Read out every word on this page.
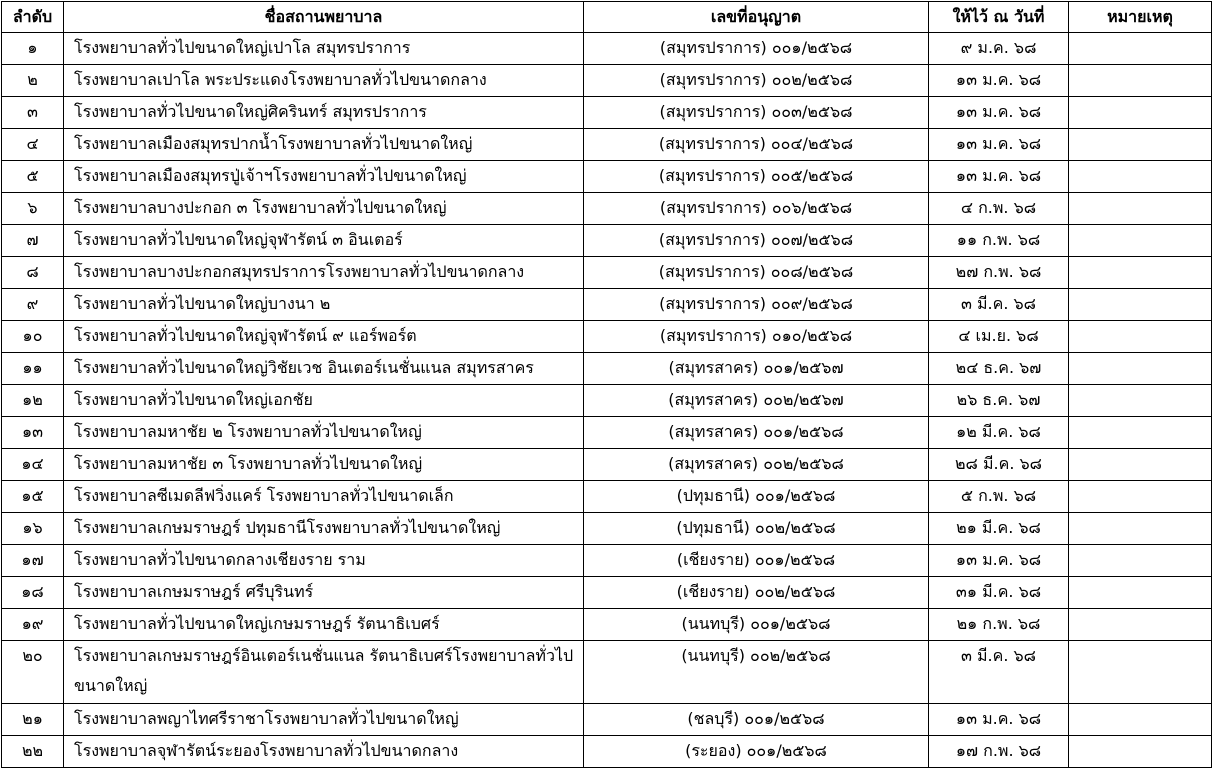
ลำดับ	ชื่อสถานพยาบาล	เลขที่อนุญาต	ให้ไว้ ณ วันที่	หมายเหตุ
๑	โรงพยาบาลทั่วไปขนาดใหญ่เปาโล สมุทรปราการ	(สมุทรปราการ) ๐๐๑/๒๕๖๘	๙ ม.ค. ๖๘	
๒	โรงพยาบาลเปาโล พระประแดงโรงพยาบาลทั่วไปขนาดกลาง	(สมุทรปราการ) ๐๐๒/๒๕๖๘	๑๓ ม.ค. ๖๘	
๓	โรงพยาบาลทั่วไปขนาดใหญ่ศิครินทร์ สมุทรปราการ	(สมุทรปราการ) ๐๐๓/๒๕๖๘	๑๓ ม.ค. ๖๘	
๔	โรงพยาบาลเมืองสมุทรปากน้ำโรงพยาบาลทั่วไปขนาดใหญ่	(สมุทรปราการ) ๐๐๔/๒๕๖๘	๑๓ ม.ค. ๖๘	
๕	โรงพยาบาลเมืองสมุทรปู่เจ้าฯโรงพยาบาลทั่วไปขนาดใหญ่	(สมุทรปราการ) ๐๐๕/๒๕๖๘	๑๓ ม.ค. ๖๘	
๖	โรงพยาบาลบางปะกอก ๓ โรงพยาบาลทั่วไปขนาดใหญ่	(สมุทรปราการ) ๐๐๖/๒๕๖๘	๔ ก.พ. ๖๘	
๗	โรงพยาบาลทั่วไปขนาดใหญ่จุฬารัตน์ ๓ อินเตอร์	(สมุทรปราการ) ๐๐๗/๒๕๖๘	๑๑ ก.พ. ๖๘	
๘	โรงพยาบาลบางปะกอกสมุทรปราการโรงพยาบาลทั่วไปขนาดกลาง	(สมุทรปราการ) ๐๐๘/๒๕๖๘	๒๗ ก.พ. ๖๘	
๙	โรงพยาบาลทั่วไปขนาดใหญ่บางนา ๒	(สมุทรปราการ) ๐๐๙/๒๕๖๘	๓ มี.ค. ๖๘	
๑๐	โรงพยาบาลทั่วไปขนาดใหญ่จุฬารัตน์ ๙ แอร์พอร์ต	(สมุทรปราการ) ๐๑๐/๒๕๖๘	๔ เม.ย. ๖๘	
๑๑	โรงพยาบาลทั่วไปขนาดใหญ่วิชัยเวช อินเตอร์เนชั่นแนล สมุทรสาคร	(สมุทรสาคร) ๐๐๑/๒๕๖๗	๒๔ ธ.ค. ๖๗	
๑๒	โรงพยาบาลทั่วไปขนาดใหญ่เอกชัย	(สมุทรสาคร) ๐๐๒/๒๕๖๗	๒๖ ธ.ค. ๖๗	
๑๓	โรงพยาบาลมหาชัย ๒ โรงพยาบาลทั่วไปขนาดใหญ่	(สมุทรสาคร) ๐๐๑/๒๕๖๘	๑๒ มี.ค. ๖๘	
๑๔	โรงพยาบาลมหาชัย ๓ โรงพยาบาลทั่วไปขนาดใหญ่	(สมุทรสาคร) ๐๐๒/๒๕๖๘	๒๘ มี.ค. ๖๘	
๑๕	โรงพยาบาลซีเมดลีฟวิ่งแคร์ โรงพยาบาลทั่วไปขนาดเล็ก	(ปทุมธานี) ๐๐๑/๒๕๖๘	๕ ก.พ. ๖๘	
๑๖	โรงพยาบาลเกษมราษฎร์ ปทุมธานีโรงพยาบาลทั่วไปขนาดใหญ่	(ปทุมธานี) ๐๐๒/๒๕๖๘	๒๑ มี.ค. ๖๘	
๑๗	โรงพยาบาลทั่วไปขนาดกลางเชียงราย ราม	(เชียงราย) ๐๐๑/๒๕๖๘	๑๓ ม.ค. ๖๘	
๑๘	โรงพยาบาลเกษมราษฎร์ ศรีบุรินทร์	(เชียงราย) ๐๐๒/๒๕๖๘	๓๑ มี.ค. ๖๘	
๑๙	โรงพยาบาลทั่วไปขนาดใหญ่เกษมราษฎร์ รัตนาธิเบศร์	(นนทบุรี) ๐๐๑/๒๕๖๘	๒๑ ก.พ. ๖๘	
๒๐	โรงพยาบาลเกษมราษฎร์อินเตอร์เนชั่นแนล รัตนาธิเบศร์โรงพยาบาลทั่วไปขนาดใหญ่	(นนทบุรี) ๐๐๒/๒๕๖๘	๓ มี.ค. ๖๘	
๒๑	โรงพยาบาลพญาไทศรีราชาโรงพยาบาลทั่วไปขนาดใหญ่	(ชลบุรี) ๐๐๑/๒๕๖๘	๑๓ ม.ค. ๖๘	
๒๒	โรงพยาบาลจุฬารัตน์ระยองโรงพยาบาลทั่วไปขนาดกลาง	(ระยอง) ๐๐๑/๒๕๖๘	๑๗ ก.พ. ๖๘	
